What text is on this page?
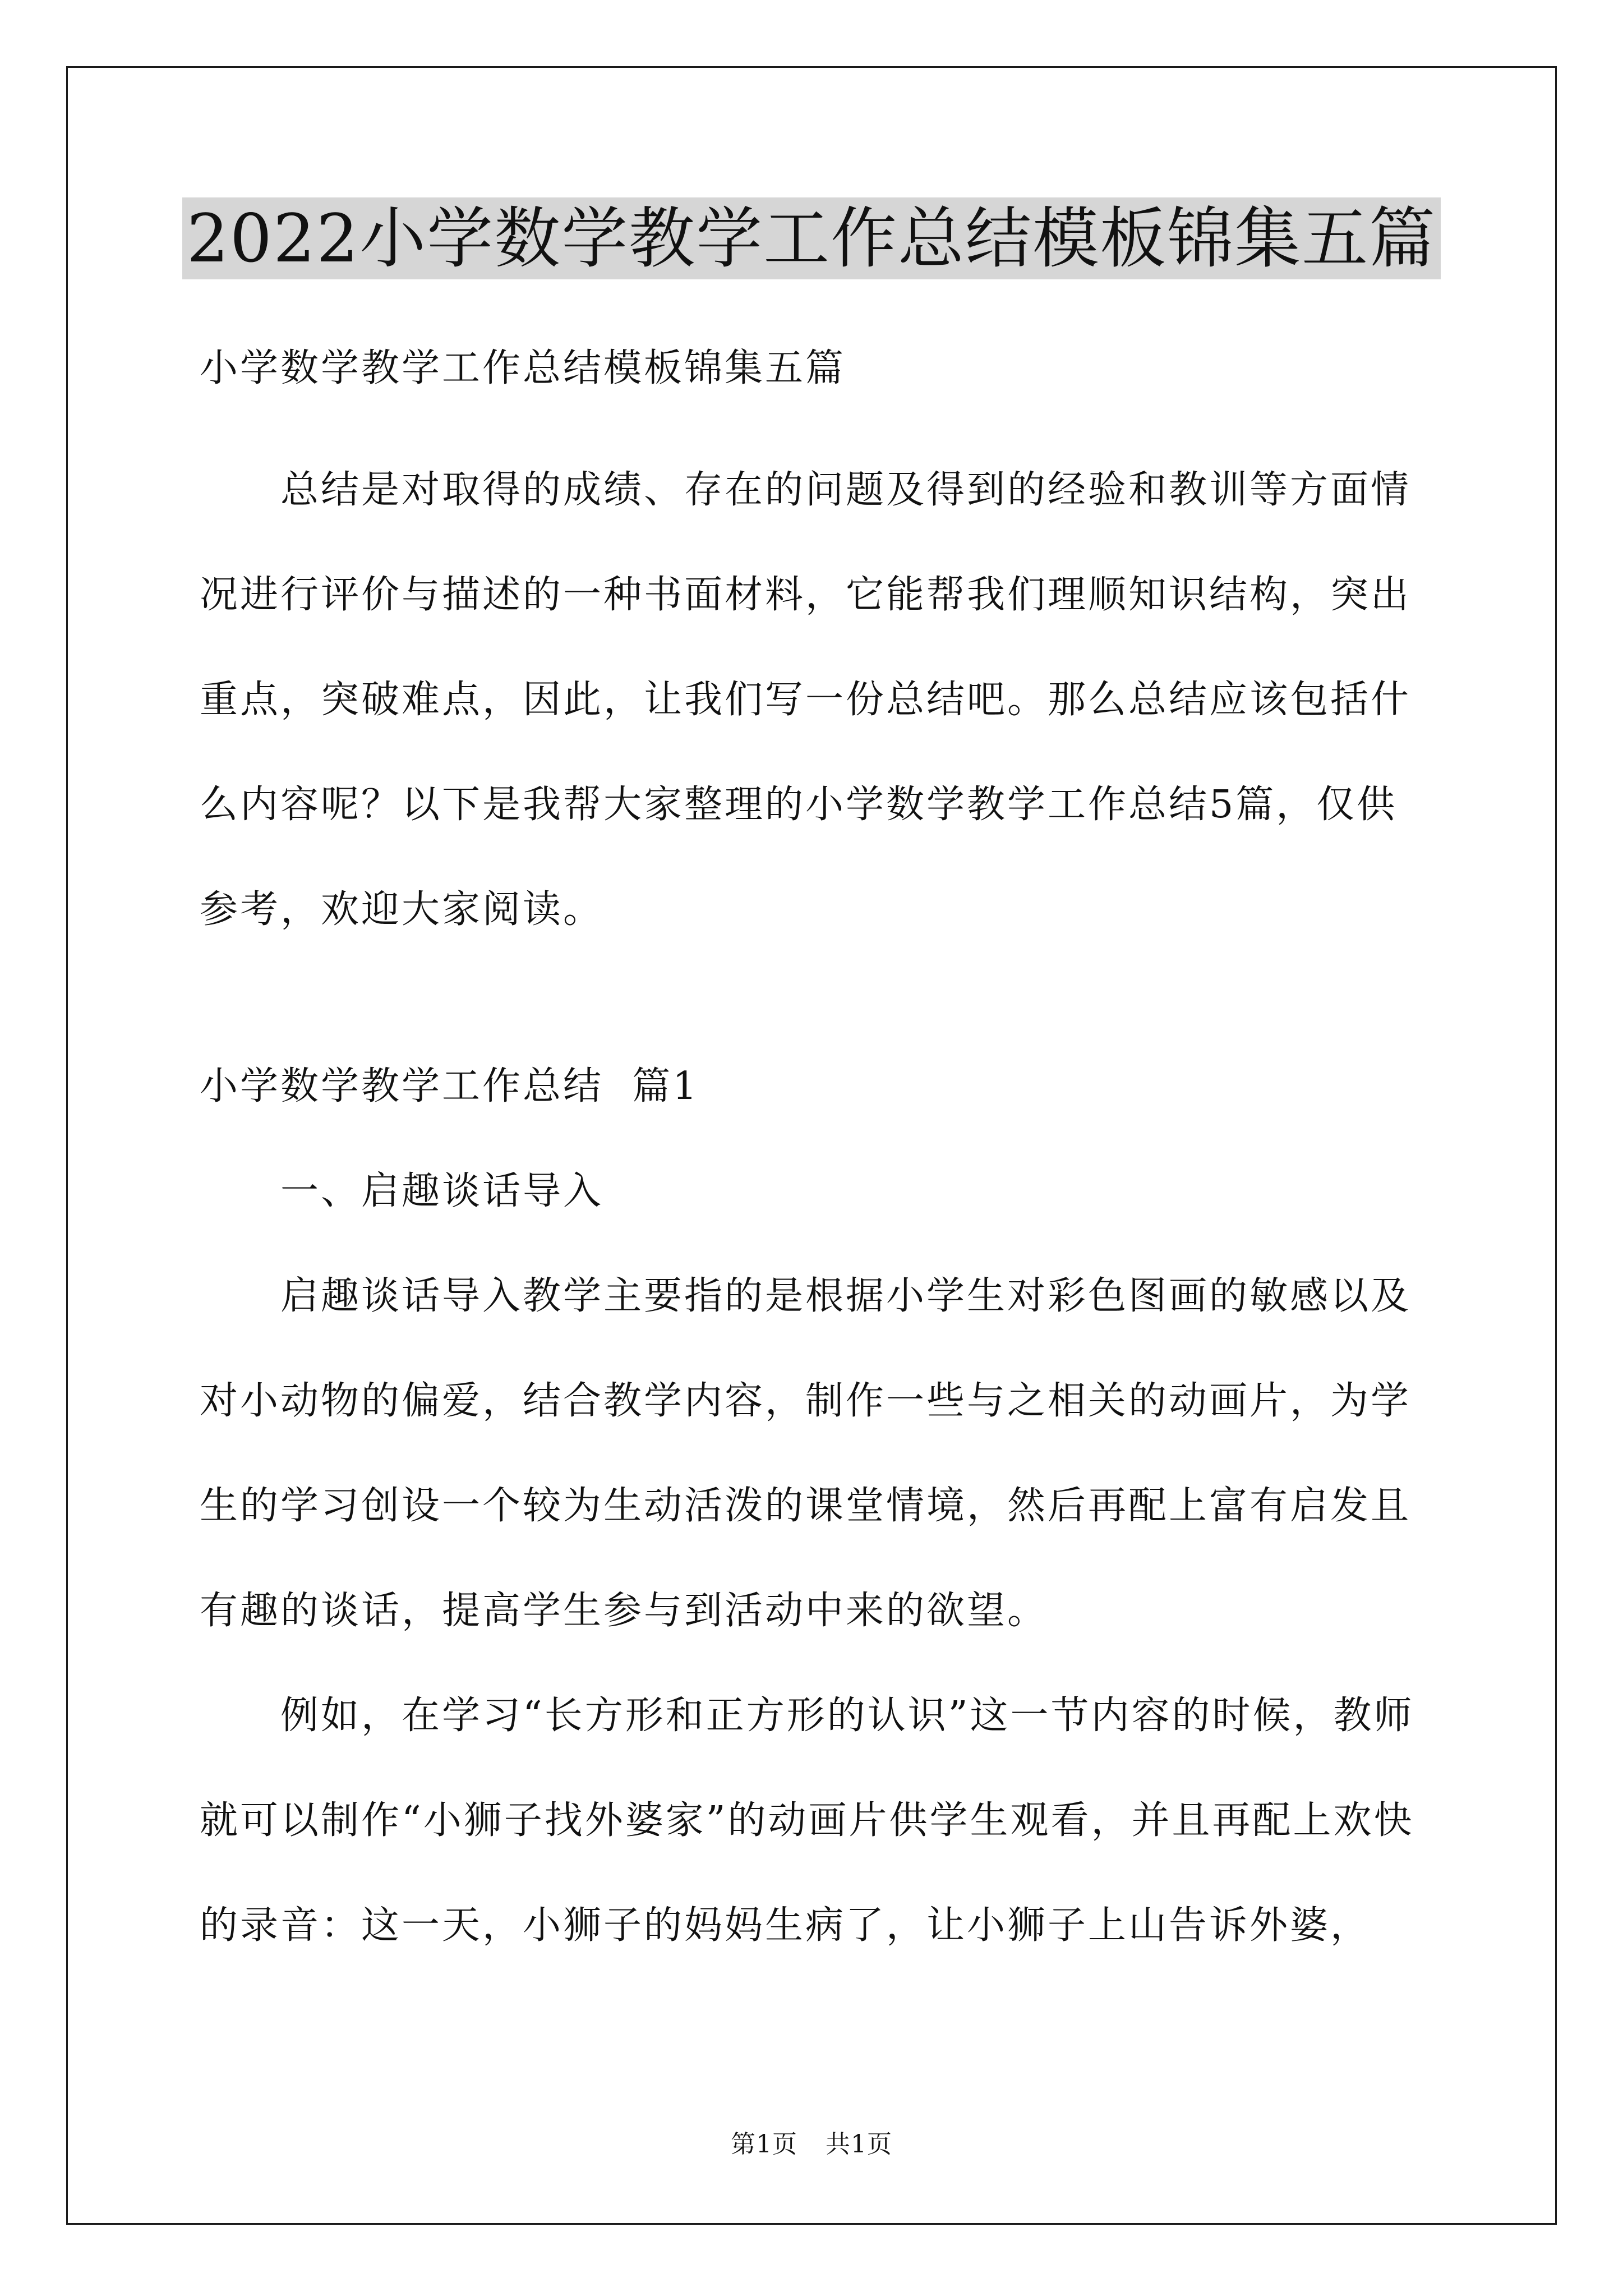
2022小学数学教学工作总结模板锦集五篇

小学数学教学工作总结模板锦集五篇

总结是对取得的成绩、存在的问题及得到的经验和教训等方面情况进行评价与描述的一种书面材料，它能帮我们理顺知识结构，突出重点，突破难点，因此，让我们写一份总结吧。那么总结应该包括什么内容呢？以下是我帮大家整理的小学数学教学工作总结5篇，仅供参考，欢迎大家阅读。

小学数学教学工作总结  篇1

一、启趣谈话导入

启趣谈话导入教学主要指的是根据小学生对彩色图画的敏感以及对小动物的偏爱，结合教学内容，制作一些与之相关的动画片，为学生的学习创设一个较为生动活泼的课堂情境，然后再配上富有启发且有趣的谈话，提高学生参与到活动中来的欲望。

例如，在学习“长方形和正方形的认识”这一节内容的时候，教师就可以制作“小狮子找外婆家”的动画片供学生观看，并且再配上欢快的录音：这一天，小狮子的妈妈生病了，让小狮子上山告诉外婆，

第1页 共1页
